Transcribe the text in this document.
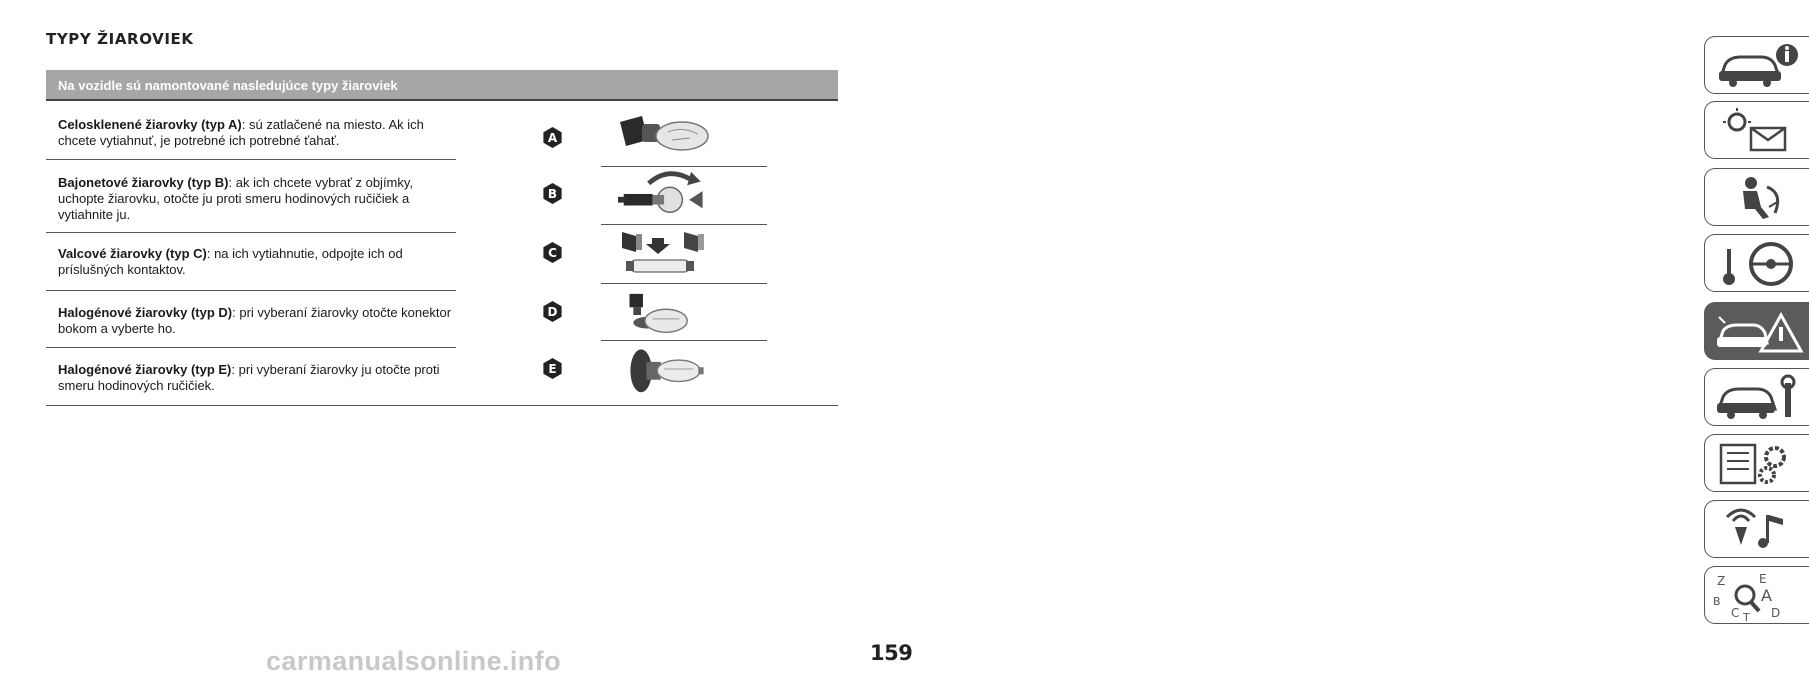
TYPY ŽIAROVIEK
Na vozidle sú namontované nasledujúce typy žiaroviek
Celosklenené žiarovky (typ A): sú zatlačené na miesto. Ak ich chcete vytiahnuť, je potrebné ich potrebné ťahať.
Bajonetové žiarovky (typ B): ak ich chcete vybrať z objímky, uchopte žiarovku, otočte ju proti smeru hodinových ručičiek a vytiahnite ju.
Valcové žiarovky (typ C): na ich vytiahnutie, odpojte ich od príslušných kontaktov.
Halogénové žiarovky (typ D): pri vyberaní žiarovky otočte konektor bokom a vyberte ho.
Halogénové žiarovky (typ E): pri vyberaní žiarovky ju otočte proti smeru hodinových ručičiek.
A
B
C
D
E
Z	E
B	A
C T D
159
carmanualsonline.info
